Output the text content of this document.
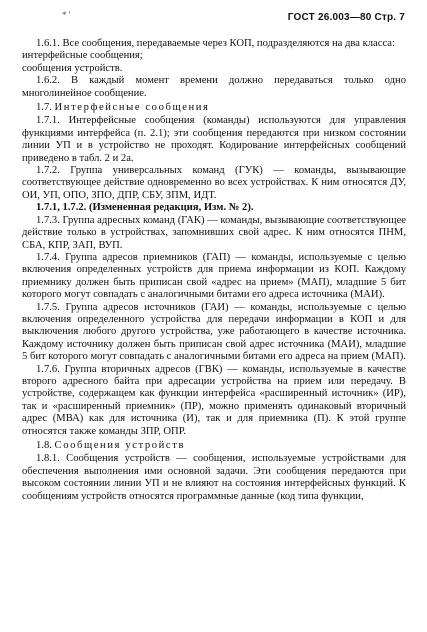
* '	ГОСТ 26.003—80 Стр. 7

1.6.1. Все сообщения, передаваемые через КОП, подразделяются на два класса:

интерфейсные сообщения;

сообщения устройств.

1.6.2. В каждый момент времени должно передаваться только одно многолинейное сообщение.

1.7. Интерфейсные сообщения

1.7.1. Интерфейсные сообщения (команды) используются для управления функциями интерфейса (п. 2.1); эти сообщения передаются при низком состоянии линии УП и в устройство не проходят. Кодирование интерфейсных сообщений приведено в табл. 2 и 2а.

1.7.2. Группа универсальных команд (ГУК) — команды, вызывающие соответствующее действие одновременно во всех устройствах. К ним относятся ДУ, ОИ, УП, ОПО, ЗПО, ДПР, СБУ, ЗПМ, ИДТ.

1.7.1, 1.7.2. (Измененная редакция, Изм. № 2).

1.7.3. Группа адресных команд (ГАК) — команды, вызывающие соответствующее действие только в устройствах, запомнивших свой адрес. К ним относятся ПНМ, СБА, КПР, ЗАП, ВУП.

1.7.4. Группа адресов приемников (ГАП) — команды, используемые с целью включения определенных устройств для приема информации из КОП. Каждому приемнику должен быть приписан свой «адрес на прием» (МАП), младшие 5 бит которого могут совпадать с аналогичными битами его адреса источника (МАИ).

1.7.5. Группа адресов источников (ГАИ) — команды, используемые с целью включения определенного устройства для передачи информации в КОП и для выключения любого другого устройства, уже работающего в качестве источника. Каждому источнику должен быть приписан свой адрес источника (МАИ), младшие 5 бит которого могут совпадать с аналогичными битами его адреса на прием (МАП).

1.7.6. Группа вторичных адресов (ГВК) — команды, используемые в качестве второго адресного байта при адресации устройства на прием или передачу. В устройстве, содержащем как функции интерфейса «расширенный источник» (ИР), так и «расширенный приемник» (ПР), можно применять одинаковый вторичный адрес (МВА) как для источника (И), так и для приемника (П). К этой группе относятся также команды ЗПР, ОПР.

1.8. Сообщения устройств

1.8.1. Сообщения устройств — сообщения, используемые устройствами для обеспечения выполнения ими основной задачи. Эти сообщения передаются при высоком состоянии линии УП и не влияют на состояния интерфейсных функций. К сообщениям устройств относятся программные данные (код типа функции,
